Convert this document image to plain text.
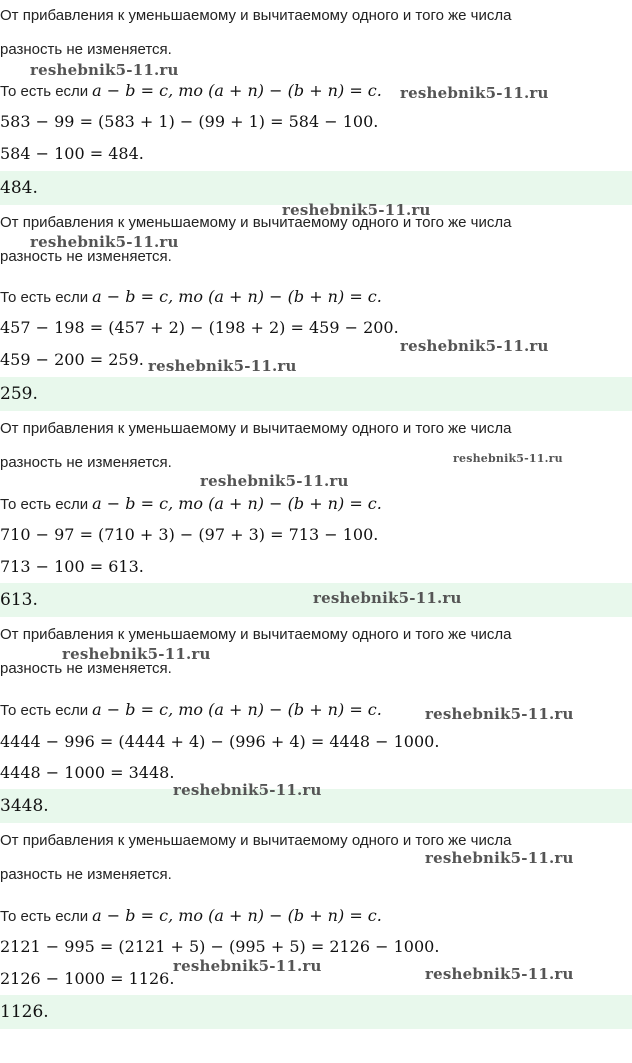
От прибавления к уменьшаемому и вычитаемому одного и того же числа
разность не изменяется.
То есть если a − b = c, то (a + n) − (b + n) = c.
583 − 99 = (583 + 1) − (99 + 1) = 584 − 100.
584 − 100 = 484.
484.
От прибавления к уменьшаемому и вычитаемому одного и того же числа
разность не изменяется.
То есть если a − b = c, то (a + n) − (b + n) = c.
457 − 198 = (457 + 2) − (198 + 2) = 459 − 200.
459 − 200 = 259.
259.
От прибавления к уменьшаемому и вычитаемому одного и того же числа
разность не изменяется.
То есть если a − b = c, то (a + n) − (b + n) = c.
710 − 97 = (710 + 3) − (97 + 3) = 713 − 100.
713 − 100 = 613.
613.
От прибавления к уменьшаемому и вычитаемому одного и того же числа
разность не изменяется.
То есть если a − b = c, то (a + n) − (b + n) = c.
4444 − 996 = (4444 + 4) − (996 + 4) = 4448 − 1000.
4448 − 1000 = 3448.
3448.
От прибавления к уменьшаемому и вычитаемому одного и того же числа
разность не изменяется.
То есть если a − b = c, то (a + n) − (b + n) = c.
2121 − 995 = (2121 + 5) − (995 + 5) = 2126 − 1000.
2126 − 1000 = 1126.
1126.
reshebnik5-11.ru
reshebnik5-11.ru
reshebnik5-11.ru
reshebnik5-11.ru
reshebnik5-11.ru
reshebnik5-11.ru
reshebnik5-11.ru
reshebnik5-11.ru
reshebnik5-11.ru
reshebnik5-11.ru
reshebnik5-11.ru
reshebnik5-11.ru
reshebnik5-11.ru
reshebnik5-11.ru	reshebnik5-11.ru
